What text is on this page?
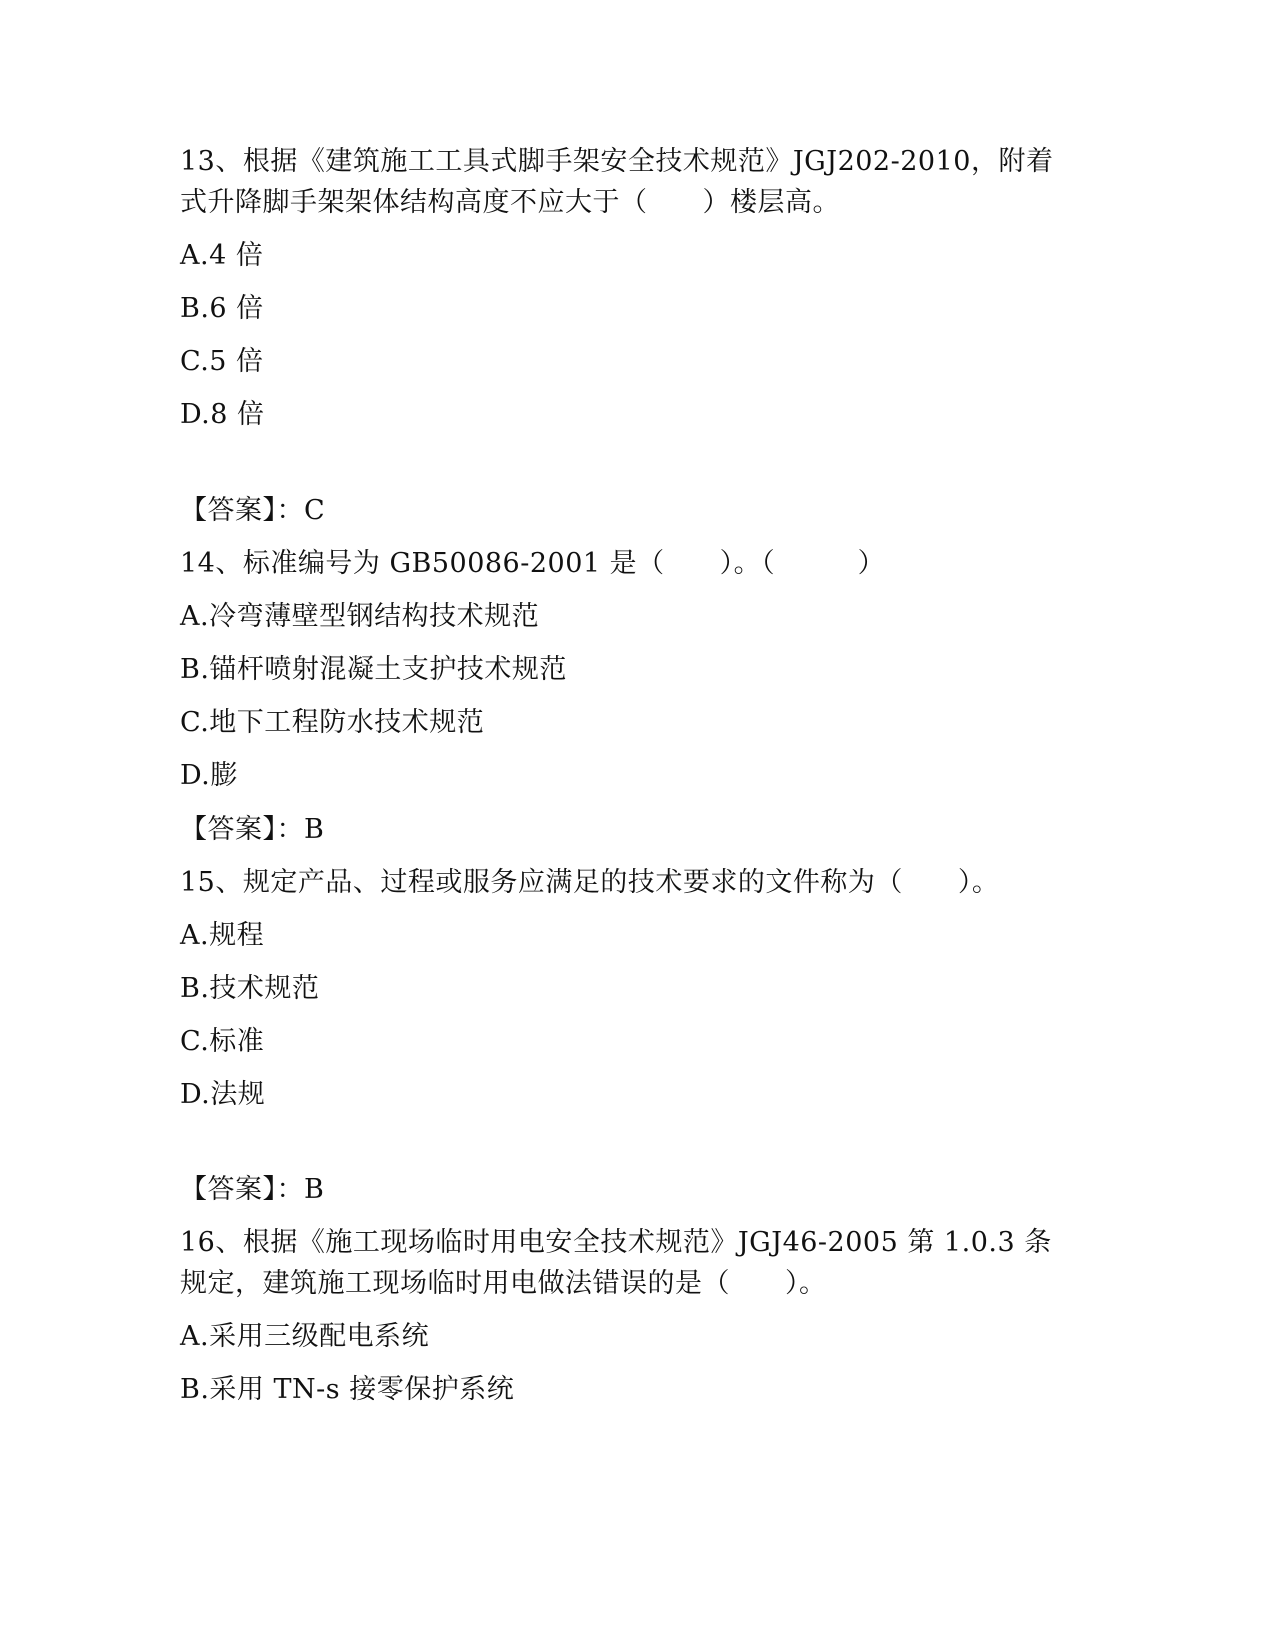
13、根据《建筑施工工具式脚手架安全技术规范》JGJ202-2010，附着
式升降脚手架架体结构高度不应大于（　　）楼层高。
A.4 倍
B.6 倍
C.5 倍
D.8 倍
【答案】：C
14、标准编号为 GB50086-2001 是（　　）。（　　　）
A.冷弯薄壁型钢结构技术规范
B.锚杆喷射混凝土支护技术规范
C.地下工程防水技术规范
D.膨
【答案】：B
15、规定产品、过程或服务应满足的技术要求的文件称为（　　）。
A.规程
B.技术规范
C.标准
D.法规
【答案】：B
16、根据《施工现场临时用电安全技术规范》JGJ46-2005 第 1.0.3 条
规定，建筑施工现场临时用电做法错误的是（　　）。
A.采用三级配电系统
B.采用 TN-s 接零保护系统
